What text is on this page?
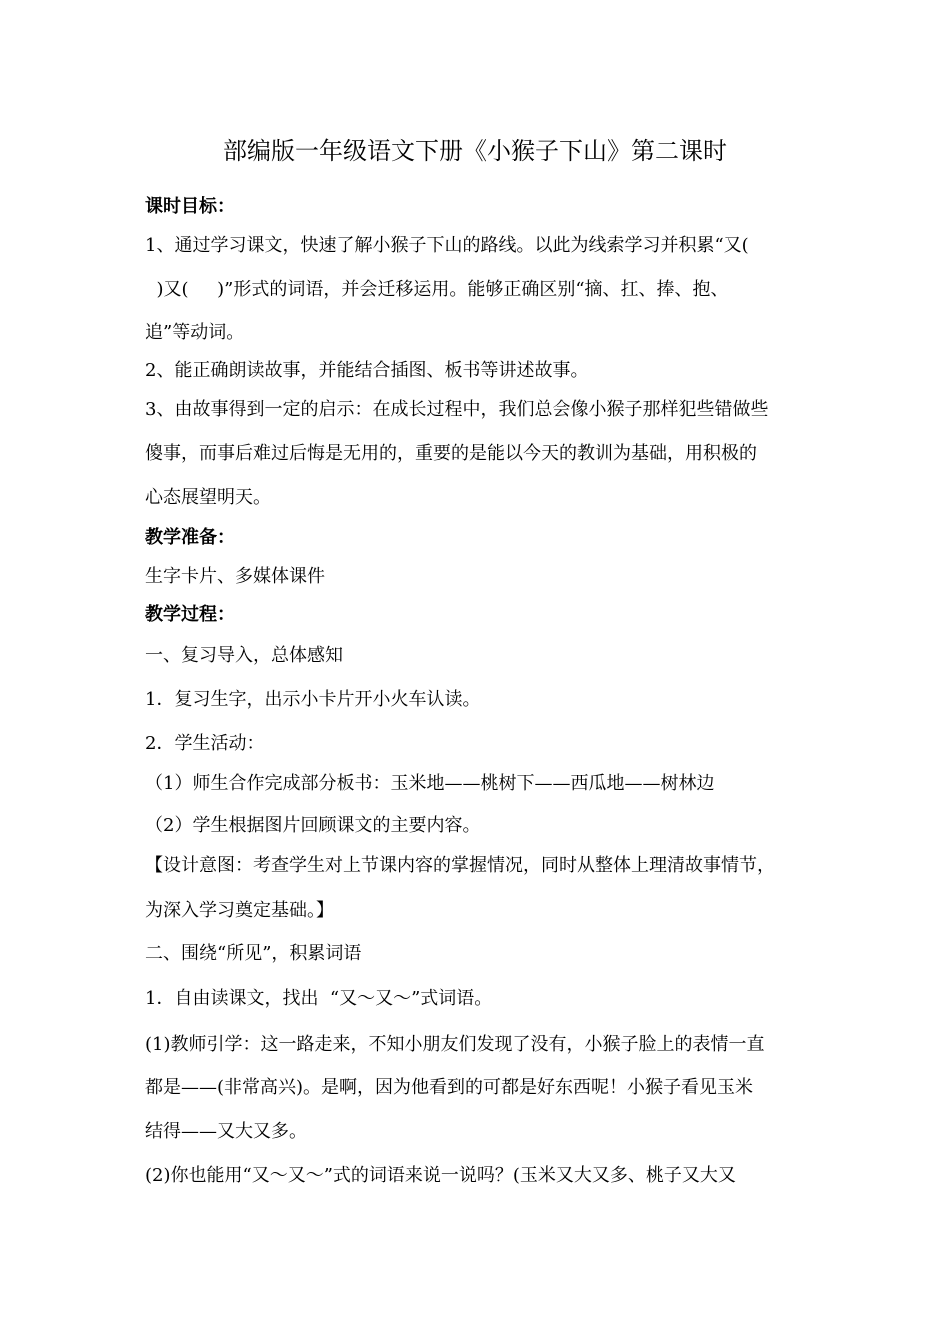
部编版一年级语文下册《小猴子下山》第二课时
课时目标：
1、通过学习课文，快速了解小猴子下山的路线。以此为线索学习并积累“又(
)又(     )”形式的词语，并会迁移运用。能够正确区别“摘、扛、捧、抱、
追”等动词。
2、能正确朗读故事，并能结合插图、板书等讲述故事。
3、由故事得到一定的启示：在成长过程中，我们总会像小猴子那样犯些错做些
傻事，而事后难过后悔是无用的，重要的是能以今天的教训为基础，用积极的
心态展望明天。
教学准备：
生字卡片、多媒体课件
教学过程：
一、复习导入，总体感知
1．复习生字，出示小卡片开小火车认读。
2．学生活动：
（1）师生合作完成部分板书：玉米地——桃树下——西瓜地——树林边
（2）学生根据图片回顾课文的主要内容。
【设计意图：考查学生对上节课内容的掌握情况，同时从整体上理清故事情节，
为深入学习奠定基础。】
二、围绕“所见”，积累词语
1．自由读课文，找出  “又～又～”式词语。
(1)教师引学：这一路走来，不知小朋友们发现了没有，小猴子脸上的表情一直
都是——(非常高兴)。是啊，因为他看到的可都是好东西呢！小猴子看见玉米
结得——又大又多。
(2)你也能用“又～又～”式的词语来说一说吗？(玉米又大又多、桃子又大又
